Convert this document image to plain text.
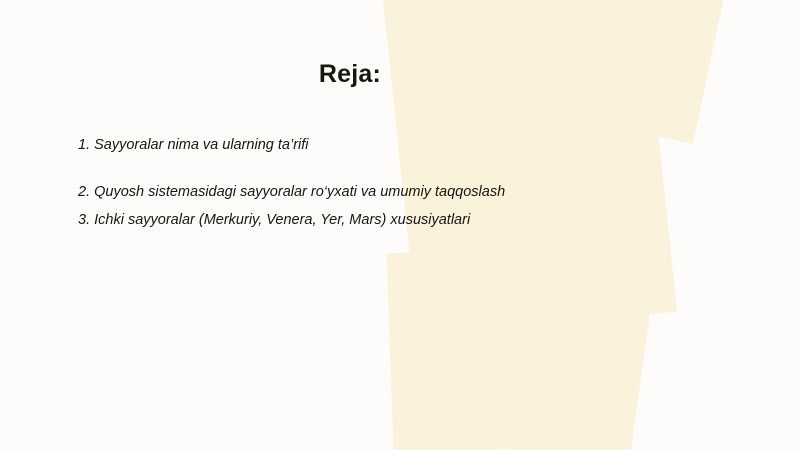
Reja:
1. Sayyoralar nima va ularning ta’rifi
2. Quyosh sistemasidagi sayyoralar ro‘yxati va umumiy taqqoslash
3. Ichki sayyoralar (Merkuriy, Venera, Yer, Mars) xususiyatlari
